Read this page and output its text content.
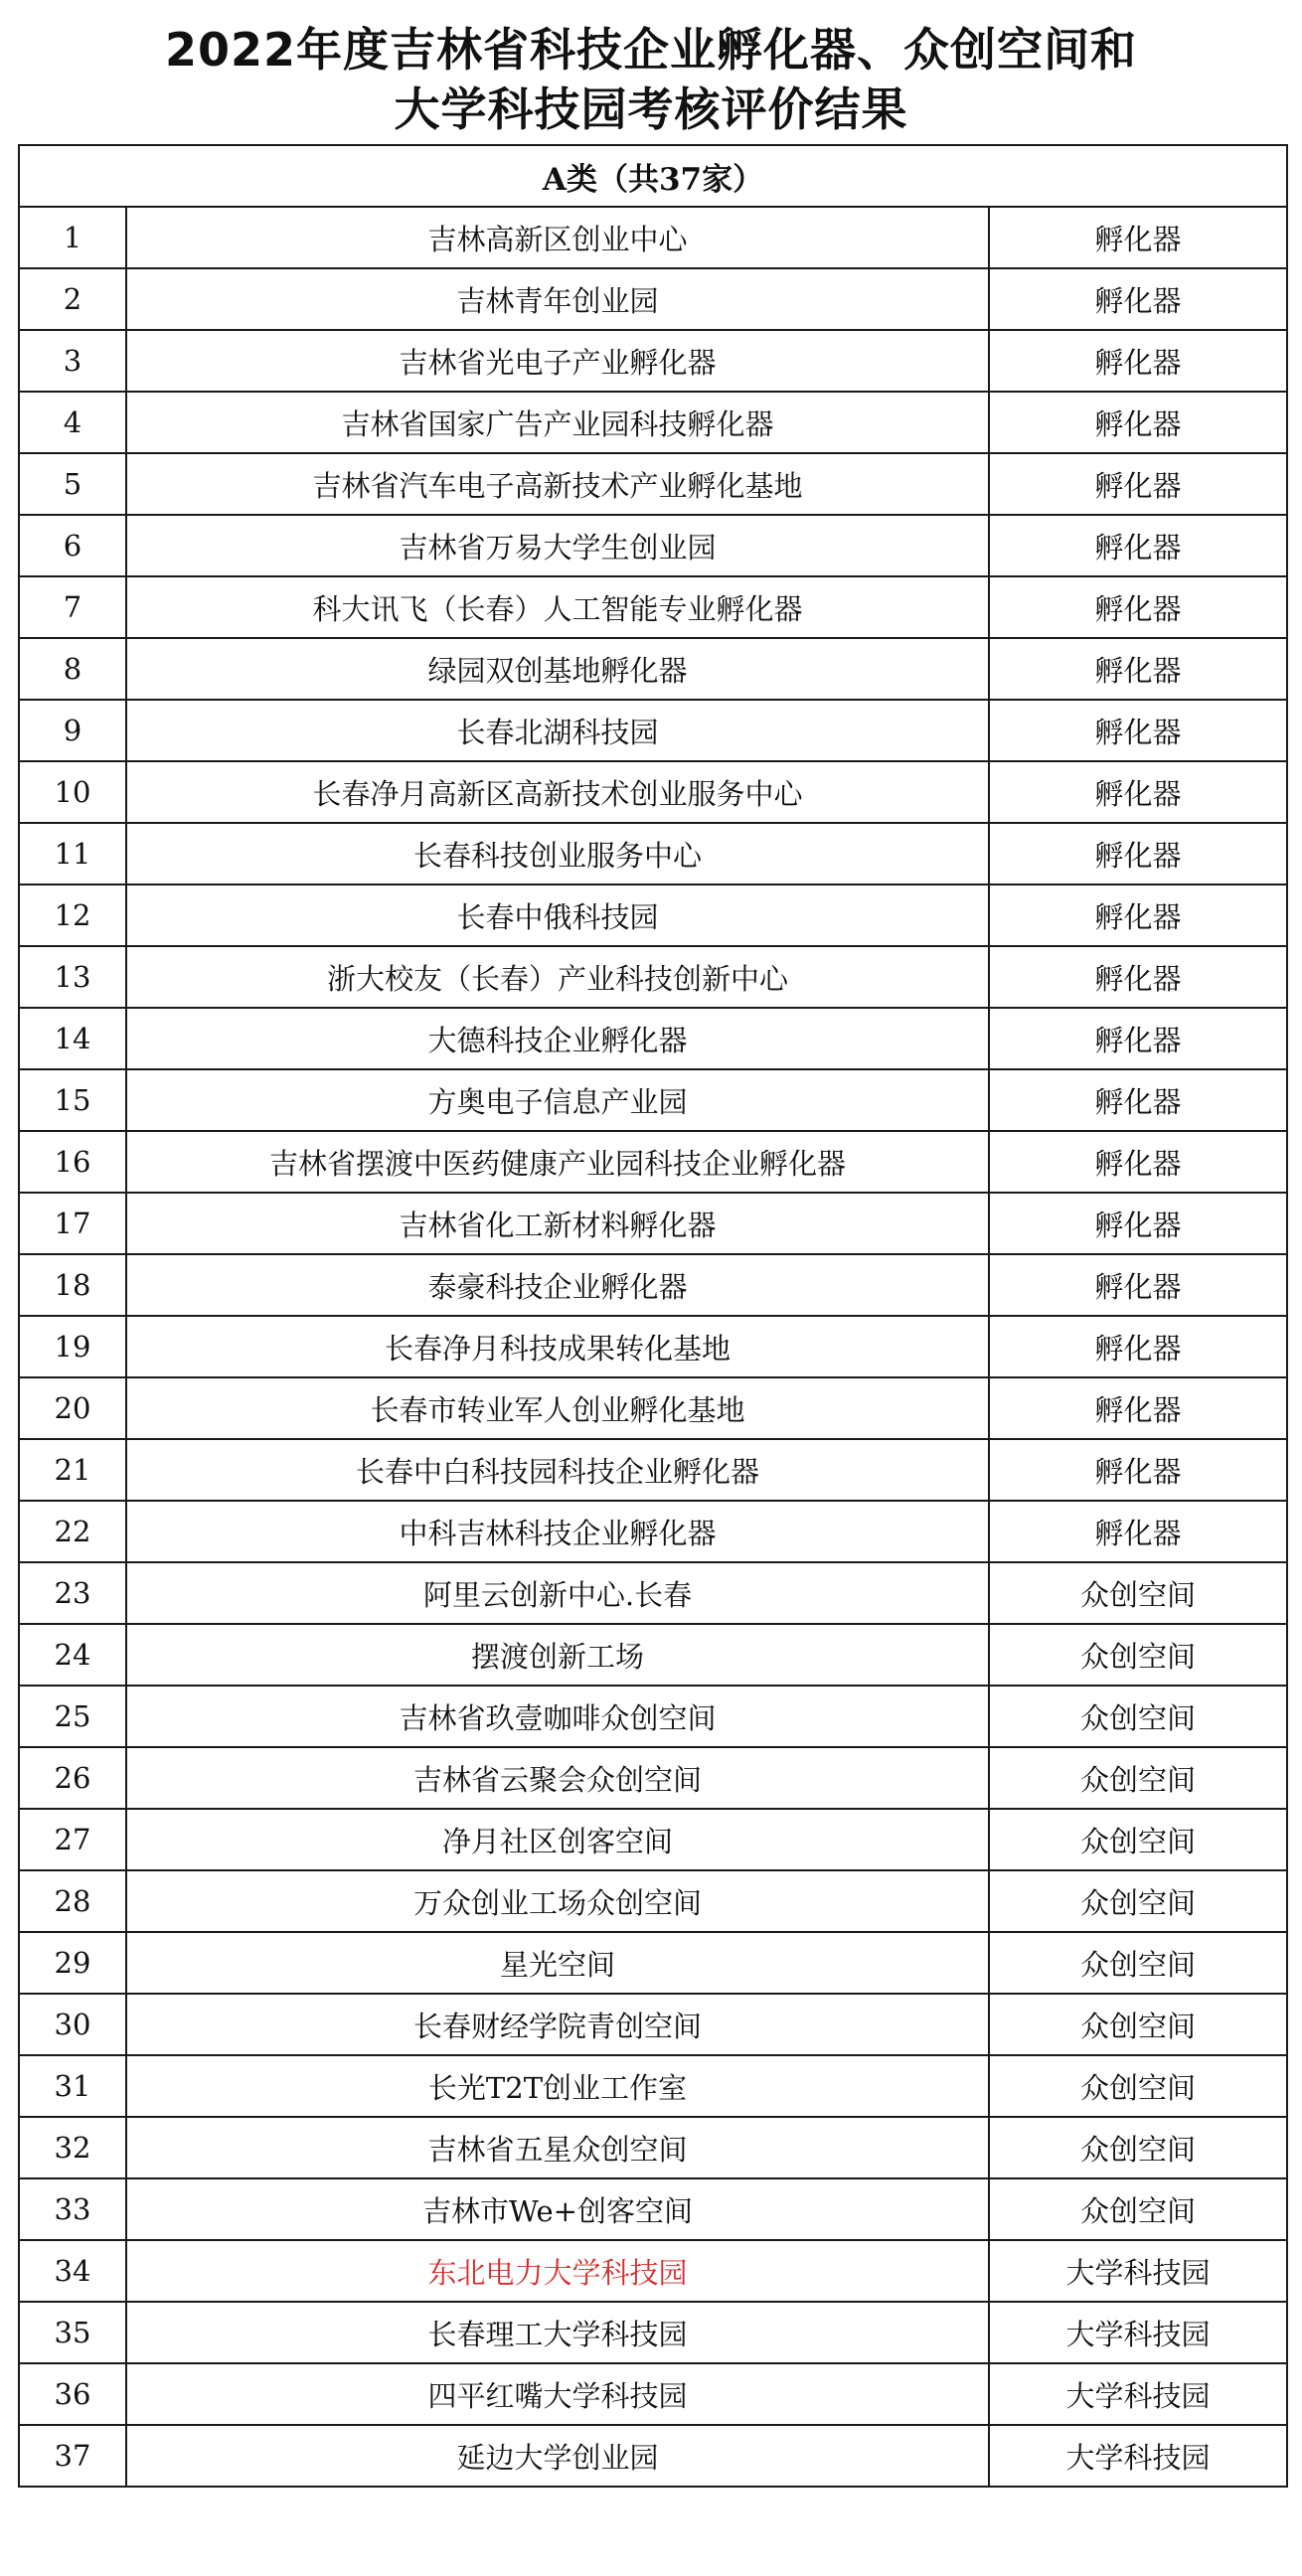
2022年度吉林省科技企业孵化器、众创空间和
大学科技园考核评价结果
A类（共37家）		
1	吉林高新区创业中心	孵化器
2	吉林青年创业园	孵化器
3	吉林省光电子产业孵化器	孵化器
4	吉林省国家广告产业园科技孵化器	孵化器
5	吉林省汽车电子高新技术产业孵化基地	孵化器
6	吉林省万易大学生创业园	孵化器
7	科大讯飞（长春）人工智能专业孵化器	孵化器
8	绿园双创基地孵化器	孵化器
9	长春北湖科技园	孵化器
10	长春净月高新区高新技术创业服务中心	孵化器
11	长春科技创业服务中心	孵化器
12	长春中俄科技园	孵化器
13	浙大校友（长春）产业科技创新中心	孵化器
14	大德科技企业孵化器	孵化器
15	方奥电子信息产业园	孵化器
16	吉林省摆渡中医药健康产业园科技企业孵化器	孵化器
17	吉林省化工新材料孵化器	孵化器
18	泰豪科技企业孵化器	孵化器
19	长春净月科技成果转化基地	孵化器
20	长春市转业军人创业孵化基地	孵化器
21	长春中白科技园科技企业孵化器	孵化器
22	中科吉林科技企业孵化器	孵化器
23	阿里云创新中心.长春	众创空间
24	摆渡创新工场	众创空间
25	吉林省玖壹咖啡众创空间	众创空间
26	吉林省云聚会众创空间	众创空间
27	净月社区创客空间	众创空间
28	万众创业工场众创空间	众创空间
29	星光空间	众创空间
30	长春财经学院青创空间	众创空间
31	长光T2T创业工作室	众创空间
32	吉林省五星众创空间	众创空间
33	吉林市We+创客空间	众创空间
34	东北电力大学科技园	大学科技园
35	长春理工大学科技园	大学科技园
36	四平红嘴大学科技园	大学科技园
37	延边大学创业园	大学科技园
